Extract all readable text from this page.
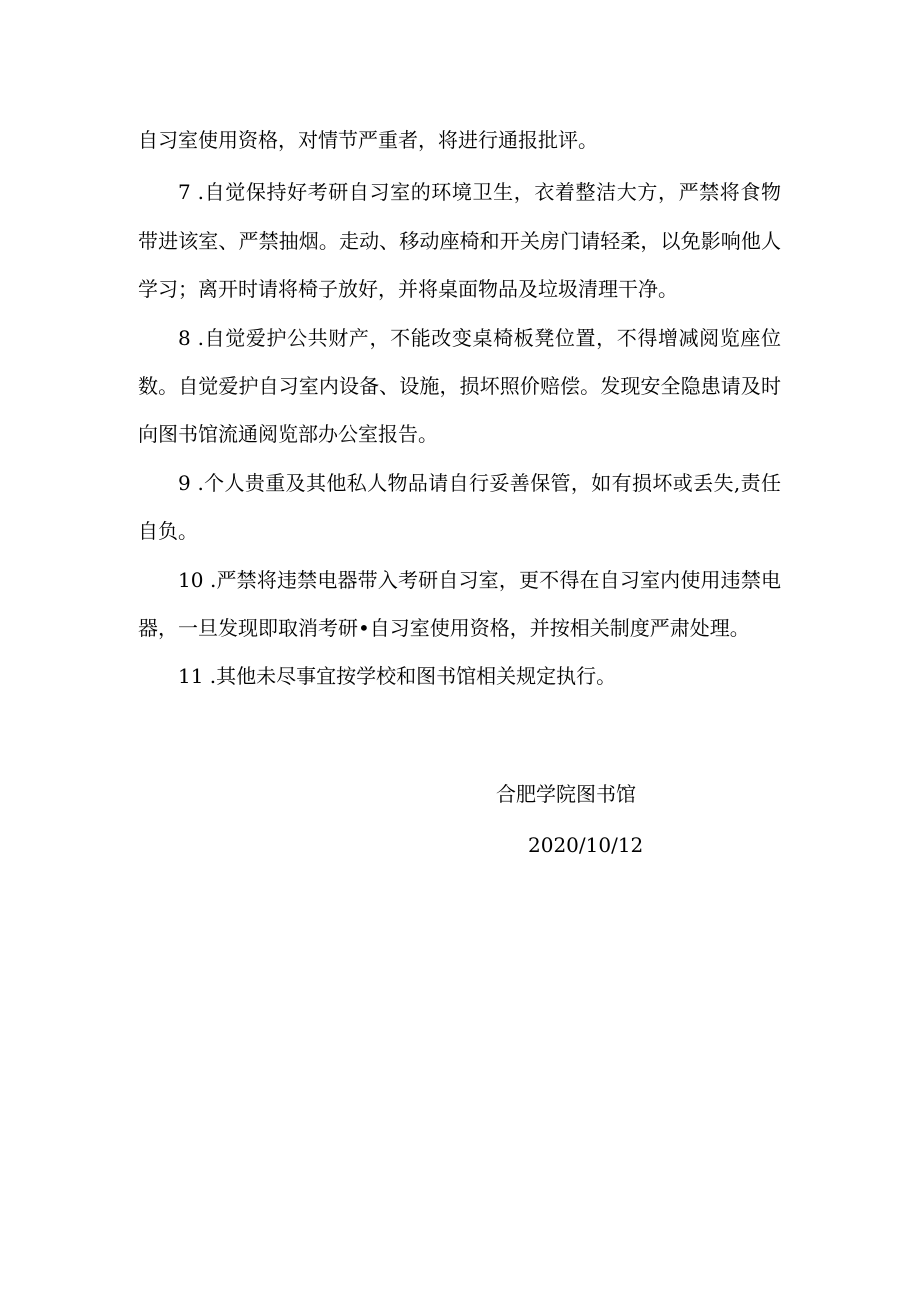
自习室使用资格，对情节严重者，将进行通报批评。

7 .自觉保持好考研自习室的环境卫生，衣着整洁大方，严禁将食物

带进该室、严禁抽烟。走动、移动座椅和开关房门请轻柔，以免影响他人

学习；离开时请将椅子放好，并将桌面物品及垃圾清理干净。

8 .自觉爱护公共财产，不能改变桌椅板凳位置，不得增减阅览座位

数。自觉爱护自习室内设备、设施，损坏照价赔偿。发现安全隐患请及时

向图书馆流通阅览部办公室报告。

9 .个人贵重及其他私人物品请自行妥善保管，如有损坏或丢失,责任

自负。

10 .严禁将违禁电器带入考研自习室，更不得在自习室内使用违禁电

器，一旦发现即取消考研•自习室使用资格，并按相关制度严肃处理。

11 .其他未尽事宜按学校和图书馆相关规定执行。

合肥学院图书馆

2020/10/12
